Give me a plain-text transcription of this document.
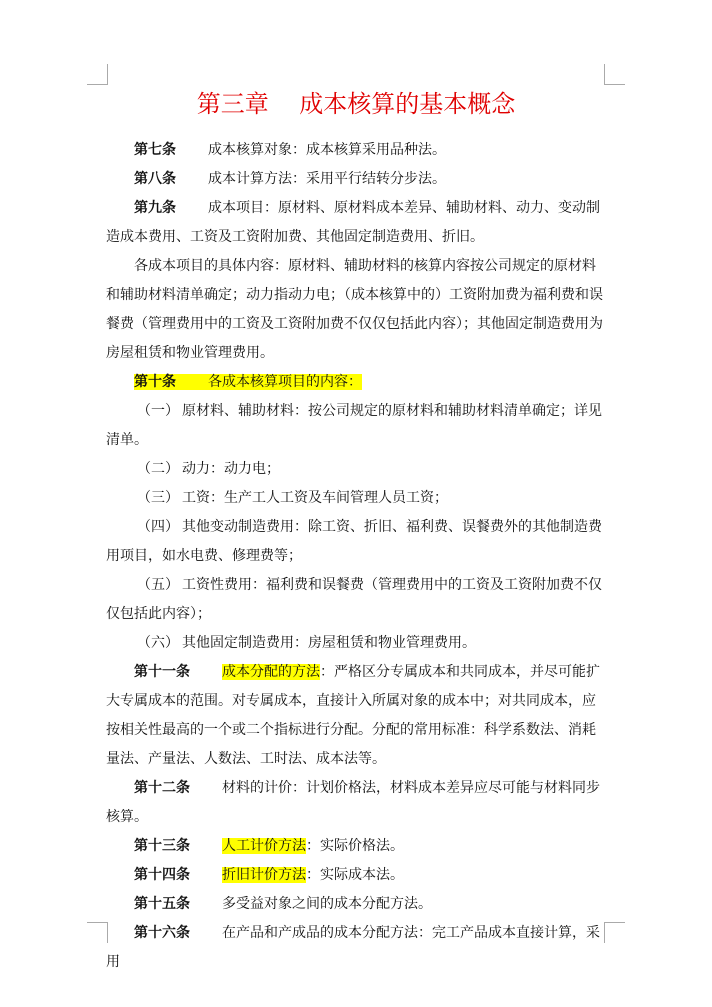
第三章    成本核算的基本概念

第七条 成本核算对象：成本核算采用品种法。

第八条 成本计算方法：采用平行结转分步法。

第九条 成本项目：原材料、原材料成本差异、辅助材料、动力、变动制造成本费用、工资及工资附加费、其他固定制造费用、折旧。

各成本项目的具体内容：原材料、辅助材料的核算内容按公司规定的原材料和辅助材料清单确定；动力指动力电；（成本核算中的）工资附加费为福利费和误餐费（管理费用中的工资及工资附加费不仅仅包括此内容）；其他固定制造费用为房屋租赁和物业管理费用。

第十条 各成本核算项目的内容：

（一） 原材料、辅助材料：按公司规定的原材料和辅助材料清单确定；详见清单。

（二） 动力：动力电；

（三） 工资：生产工人工资及车间管理人员工资；

（四） 其他变动制造费用：除工资、折旧、福利费、误餐费外的其他制造费用项目，如水电费、修理费等；

（五） 工资性费用：福利费和误餐费（管理费用中的工资及工资附加费不仅仅包括此内容）；

（六） 其他固定制造费用：房屋租赁和物业管理费用。

第十一条 成本分配的方法：严格区分专属成本和共同成本，并尽可能扩大专属成本的范围。对专属成本，直接计入所属对象的成本中；对共同成本，应按相关性最高的一个或二个指标进行分配。分配的常用标准：科学系数法、消耗量法、产量法、人数法、工时法、成本法等。

第十二条 材料的计价：计划价格法，材料成本差异应尽可能与材料同步核算。

第十三条 人工计价方法：实际价格法。

第十四条 折旧计价方法：实际成本法。

第十五条 多受益对象之间的成本分配方法。

第十六条 在产品和产成品的成本分配方法：完工产品成本直接计算，采用
